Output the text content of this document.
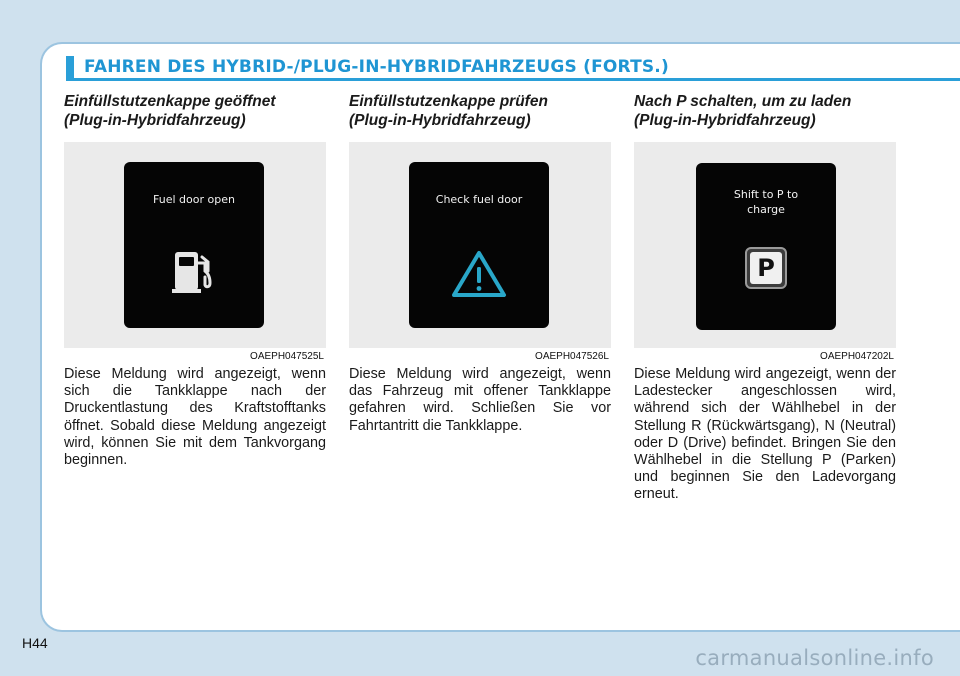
FAHREN DES HYBRID-/PLUG-IN-HYBRIDFAHRZEUGS (FORTS.)
Einfüllstutzenkappe geöffnet
(Plug-in-Hybridfahrzeug)
Fuel door open
OAEPH047525L

Diese Meldung wird angezeigt, wenn sich die Tankklappe nach der Druckentlastung des Kraftstofftanks öffnet. Sobald diese Meldung angezeigt wird, können Sie mit dem Tankvorgang beginnen.

Einfüllstutzenkappe prüfen
(Plug-in-Hybridfahrzeug)
Check fuel door
OAEPH047526L

Diese Meldung wird angezeigt, wenn das Fahrzeug mit offener Tankklappe gefahren wird. Schließen Sie vor Fahrtantritt die Tankklappe.

Nach P schalten, um zu laden
(Plug-in-Hybridfahrzeug)
Shift to P to
charge
P
OAEPH047202L

Diese Meldung wird angezeigt, wenn der Ladestecker angeschlossen wird, während sich der Wählhebel in der Stellung R (Rückwärtsgang), N (Neutral) oder D (Drive) befindet. Bringen Sie den Wählhebel in die Stellung P (Parken) und beginnen Sie den Ladevorgang erneut.

H44
carmanualsonline.info
